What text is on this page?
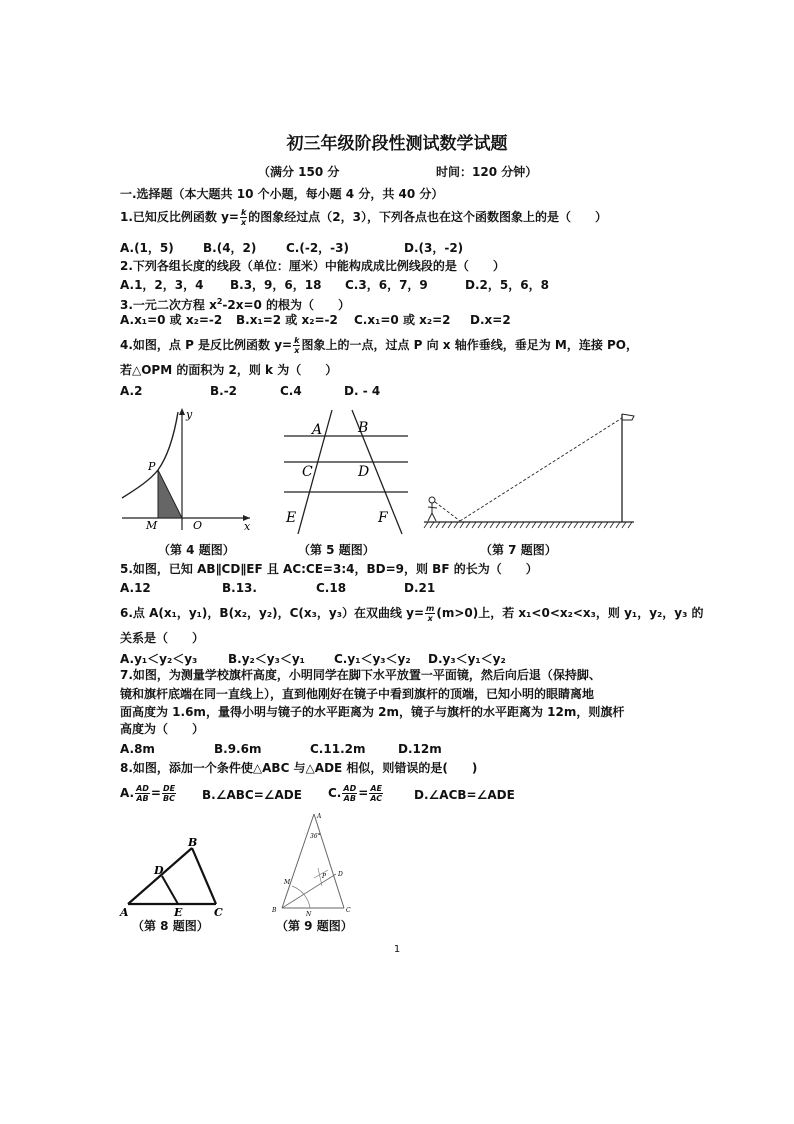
初三年级阶段性测试数学试题
（满分 150 分	时间：120 分钟）
一.选择题（本大题共 10 个小题，每小题 4 分，共 40 分）
1.已知反比例函数 $y= \frac{k}{x}$ 的图象经过点（2，3），下列各点也在这个函数图象上的是（　　）
A.(1，5) B.(4，2) C.(-2，-3)	D.(3，-2)
2.下列各组长度的线段（单位：厘米）中能构成成比例线段的是（　　）
A.1，2，3，4 B.3，9，6，18 C.3，6，7，9	D.2，5，6，8
3.一元二次方程 $x^2-2x=0$ 的根为（　　）
A.x₁=0 或 x₂=-2 B.x₁=2 或 x₂=-2 C.x₁=0 或 x₂=2 D.x=2
4.如图，点 P 是反比例函数 $y= \frac{k}{x}$ 图象上的一点，过点 P 向 x 轴作垂线，垂足为 M，连接 PO，
若△OPM 的面积为 2，则 k 为（　　）
A.2	B.-2	C.4	D. - 4
y
x
P
M	O
（第 4 题图）
A	B
C	D
E	F
（第 5 题图）	（第 7 题图）
5.如图，已知 AB∥CD∥EF 且 AC:CE=3:4，BD=9，则 BF 的长为（　　）
A.12	B.13.	C.18	D.21
6.点 A(x₁，y₁)，B(x₂，y₂)，C(x₃，y₃）在双曲线 $y= \frac{m}{x} (m>0)$上，若 x₁<0<x₂<x₃，则 y₁，y₂，y₃ 的
关系是（　　）
A.y₁＜y₂＜y₃	B.y₂＜y₃＜y₁ C.y₁＜y₃＜y₂ D.y₃＜y₁＜y₂
7.如图，为测量学校旗杆高度，小明同学在脚下水平放置一平面镜，然后向后退（保持脚、
镜和旗杆底端在同一直线上），直到他刚好在镜子中看到旗杆的顶端，已知小明的眼睛离地
面高度为 1.6m，量得小明与镜子的水平距离为 2m，镜子与旗杆的水平距离为 12m，则旗杆
高度为（　　）
A.8m	B.9.6m	C.11.2m	D.12m
8.如图，添加一个条件使△ABC 与△ADE 相似，则错误的是(　　)
A. $\frac{AD}{AB} = \frac{DE}{BC}$ B.∠ABC=∠ADE C. $\frac{AD}{AB} = \frac{AE}{AC}$	D.∠ACB=∠ADE
A
B
C
D
E
（第 8 题图）
A
36°
B	C
D
M
N
P
（第 9 题图）
1
